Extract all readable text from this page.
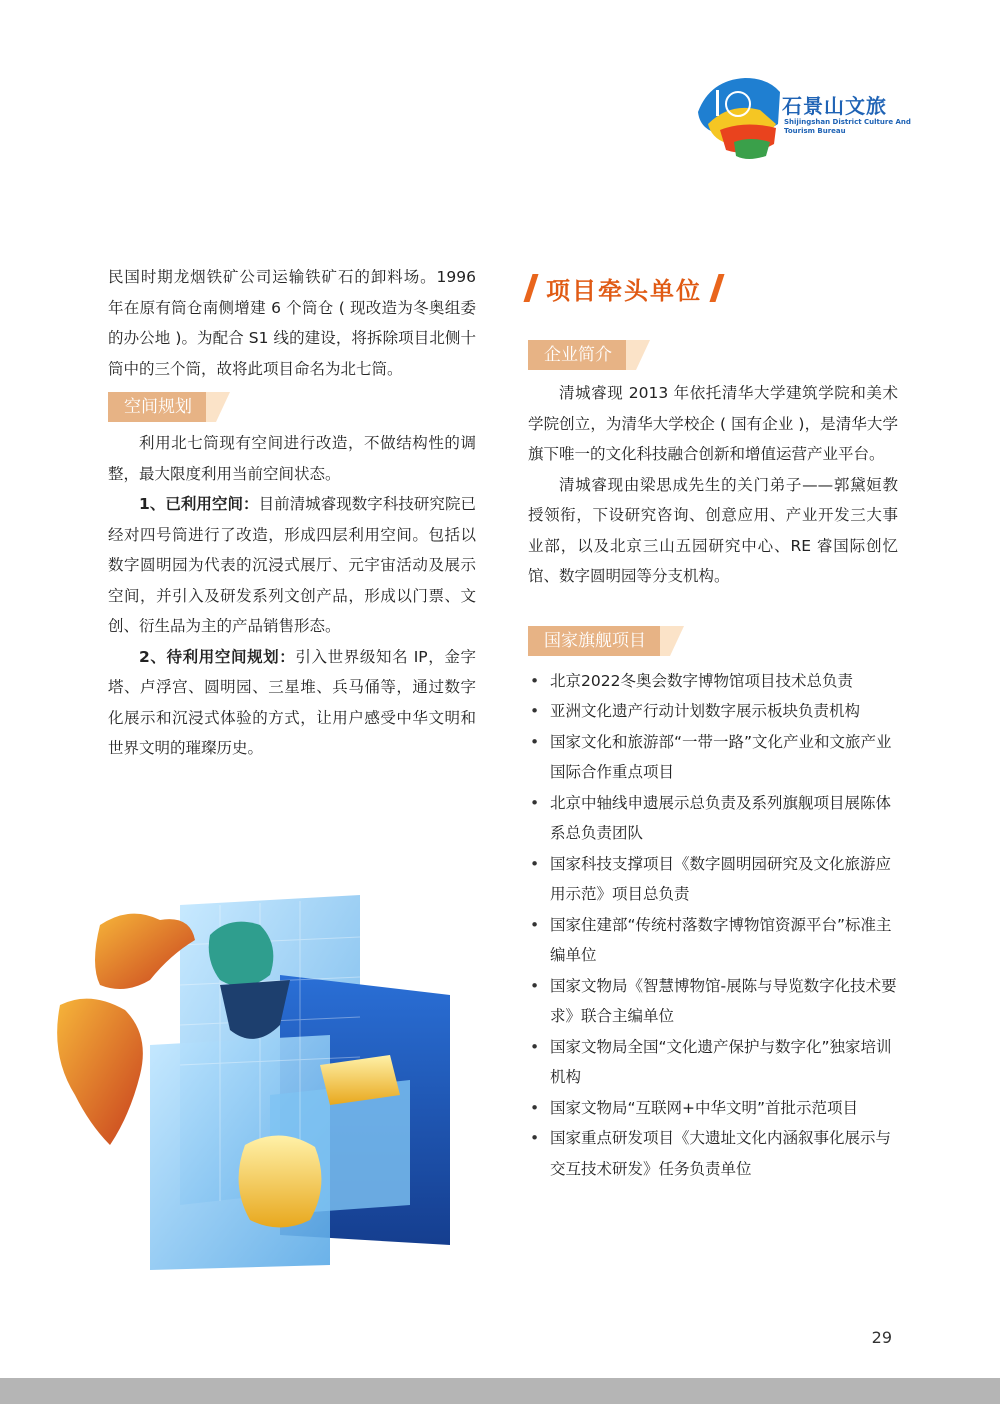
石景山文旅
Shijingshan District Culture And Tourism Bureau

民国时期龙烟铁矿公司运输铁矿石的卸料场。1996 年在原有筒仓南侧增建 6 个筒仓 ( 现改造为冬奥组委的办公地 )。为配合 S1 线的建设，将拆除项目北侧十筒中的三个筒，故将此项目命名为北七筒。

空间规划

利用北七筒现有空间进行改造，不做结构性的调整，最大限度利用当前空间状态。

1、已利用空间：目前清城睿现数字科技研究院已经对四号筒进行了改造，形成四层利用空间。包括以数字圆明园为代表的沉浸式展厅、元宇宙活动及展示空间，并引入及研发系列文创产品，形成以门票、文创、衍生品为主的产品销售形态。

2、待利用空间规划：引入世界级知名 IP，金字塔、卢浮宫、圆明园、三星堆、兵马俑等，通过数字化展示和沉浸式体验的方式，让用户感受中华文明和世界文明的璀璨历史。

项目牵头单位
企业简介

清城睿现 2013 年依托清华大学建筑学院和美术学院创立，为清华大学校企 ( 国有企业 )，是清华大学旗下唯一的文化科技融合创新和增值运营产业平台。

清城睿现由梁思成先生的关门弟子——郭黛姮教授领衔，下设研究咨询、创意应用、产业开发三大事业部，以及北京三山五园研究中心、RE 睿国际创忆馆、数字圆明园等分支机构。

国家旗舰项目
• 北京2022冬奥会数字博物馆项目技术总负责
• 亚洲文化遗产行动计划数字展示板块负责机构
• 国家文化和旅游部“一带一路”文化产业和文旅产业国际合作重点项目
• 北京中轴线申遗展示总负责及系列旗舰项目展陈体系总负责团队
• 国家科技支撑项目《数字圆明园研究及文化旅游应用示范》项目总负责
• 国家住建部“传统村落数字博物馆资源平台”标准主编单位
• 国家文物局《智慧博物馆-展陈与导览数字化技术要求》联合主编单位
• 国家文物局全国“文化遗产保护与数字化”独家培训机构
• 国家文物局“互联网+中华文明”首批示范项目
• 国家重点研发项目《大遗址文化内涵叙事化展示与交互技术研发》任务负责单位
29
